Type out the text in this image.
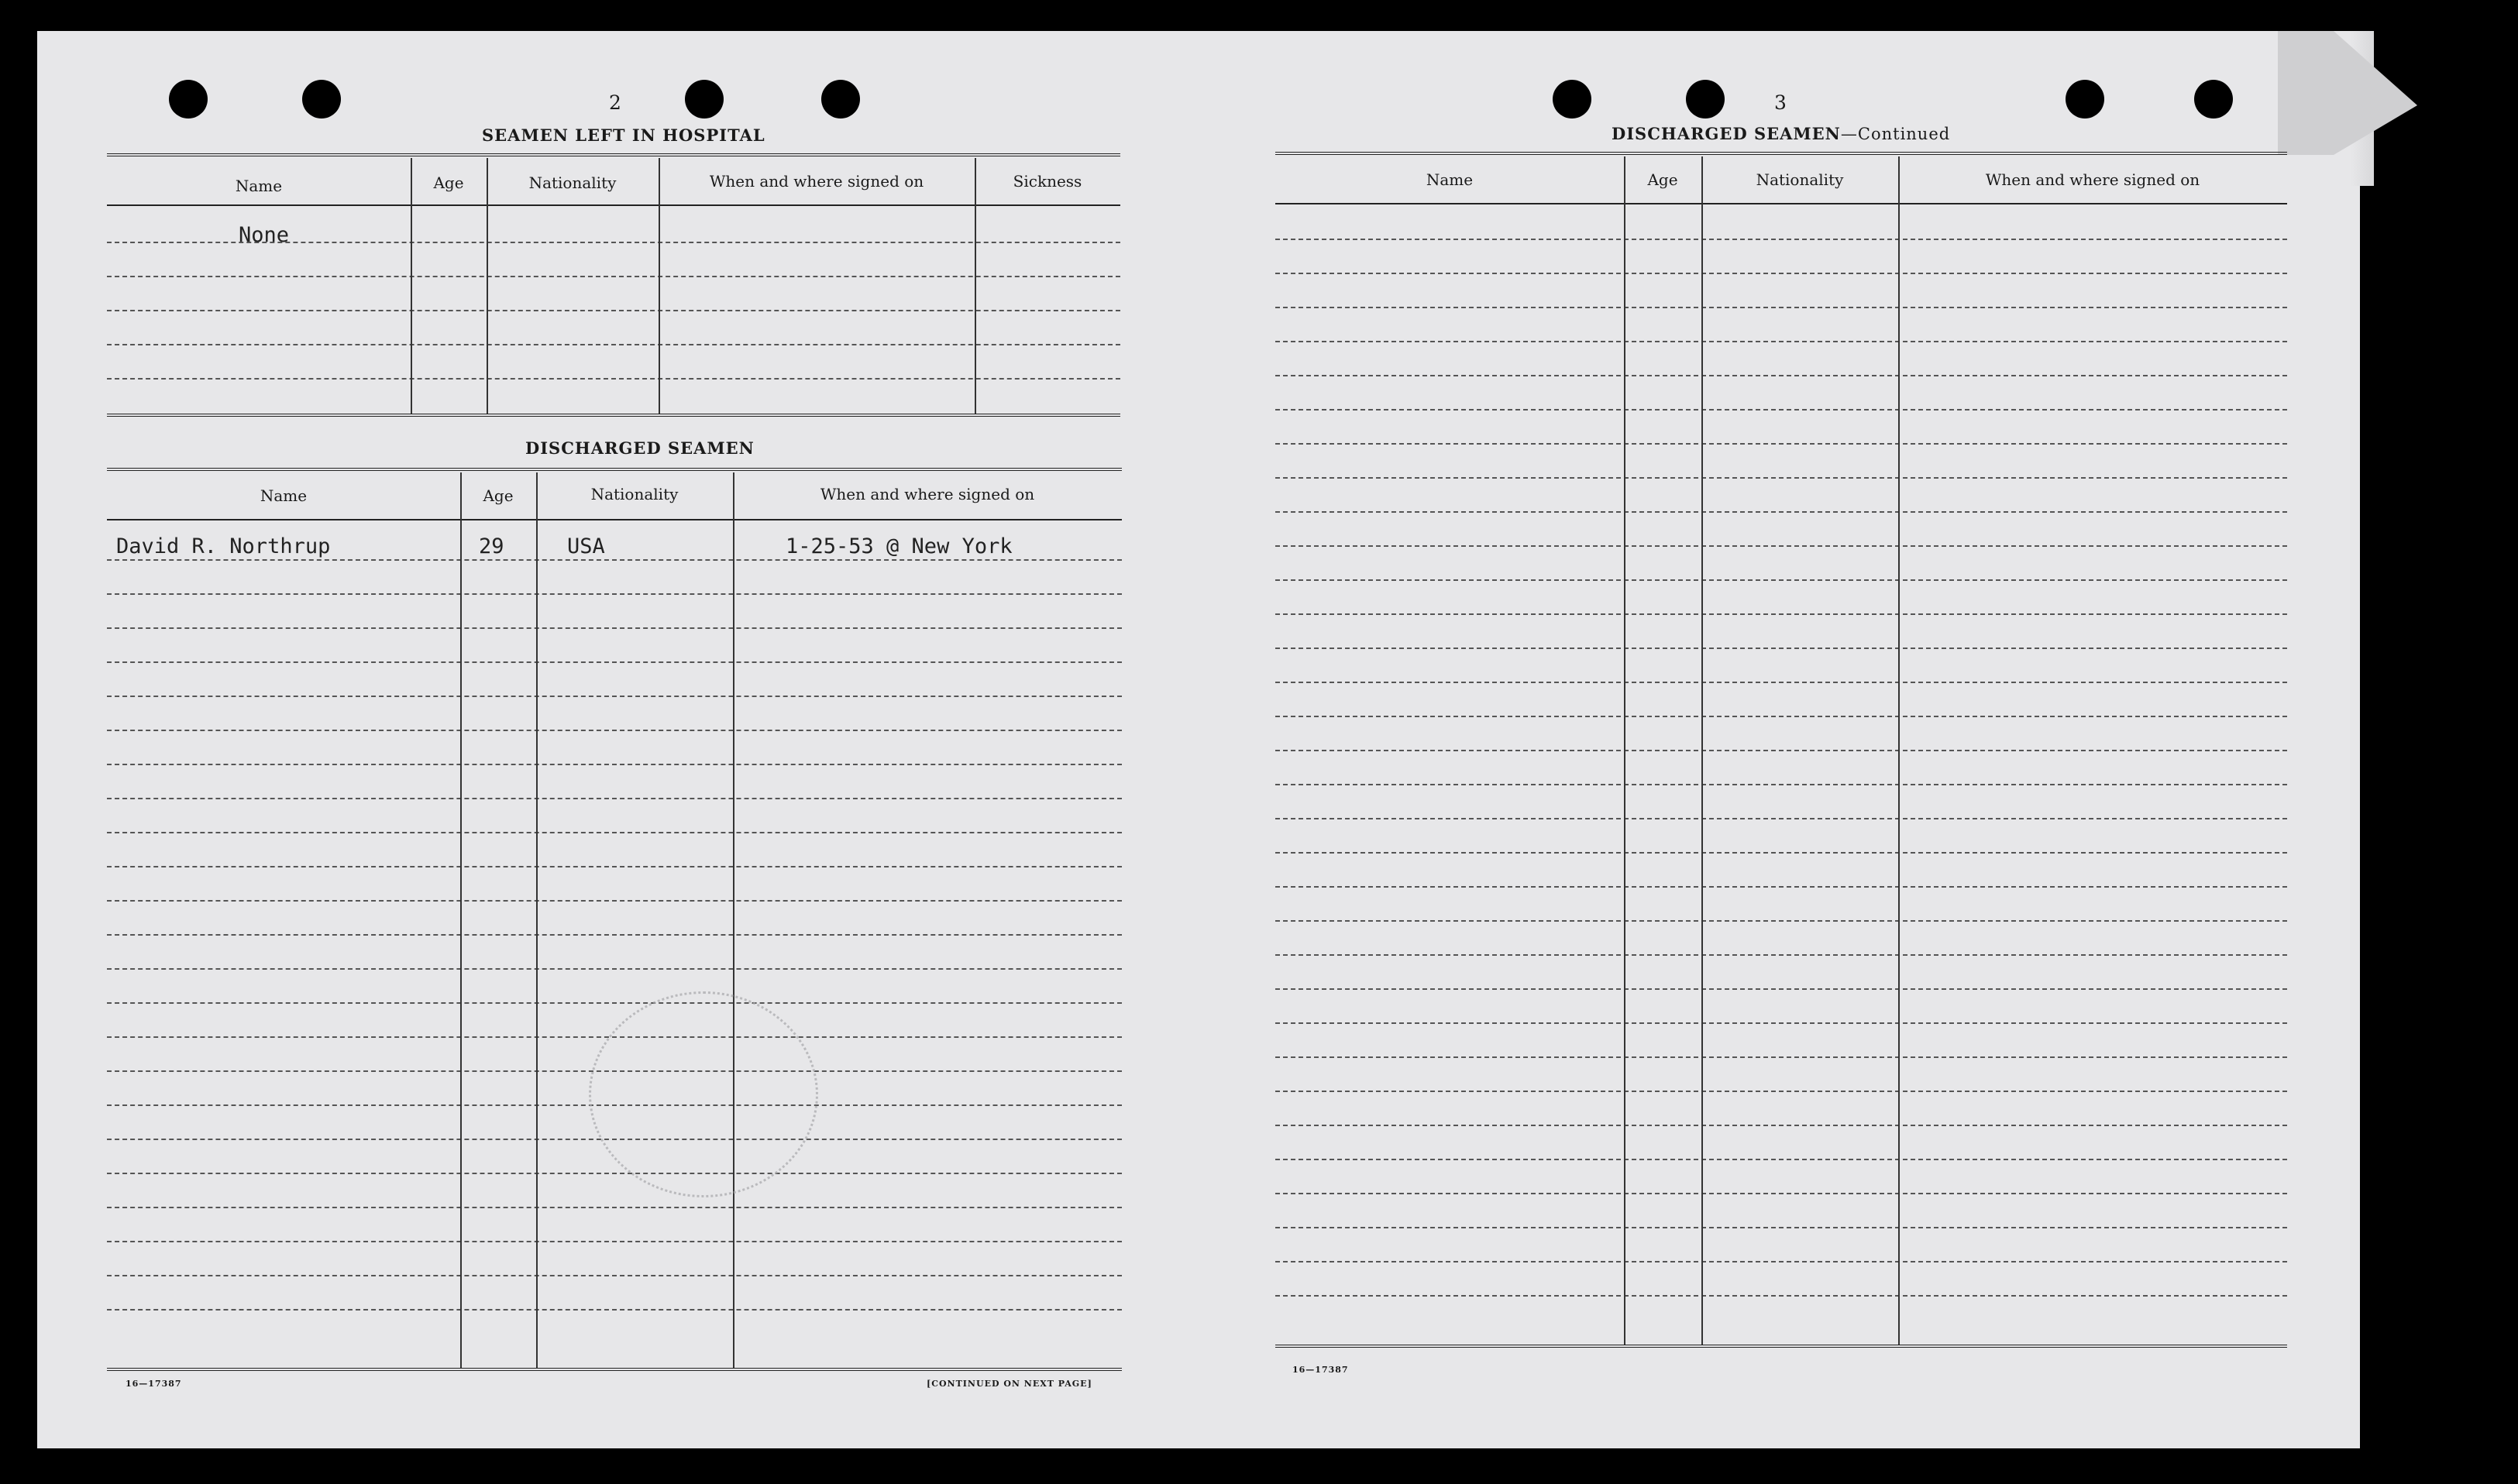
2
SEAMEN LEFT IN HOSPITAL
Name	Age	Nationality	When and where signed on	Sickness
None
DISCHARGED SEAMEN
Name	Age	Nationality	When and where signed on
David R. Northrup	29	USA	1-25-53 @ New York
16—17387	[CONTINUED ON NEXT PAGE]
3
DISCHARGED SEAMEN—Continued
Name	Age	Nationality	When and where signed on
16—17387
